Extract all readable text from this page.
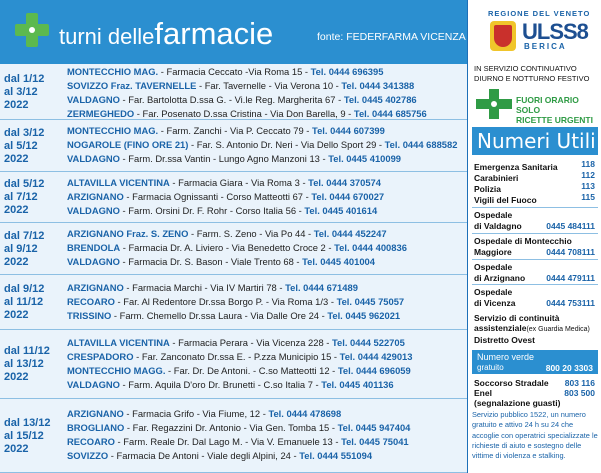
turni dellefarmacie	fonte: FEDERFARMA VICENZA
dal 1/12
al 3/12
2022
MONTECCHIO MAG. - Farmacia Ceccato -Via Roma 15 - Tel. 0444 696395
SOVIZZO Fraz. TAVERNELLE - Far. Tavernelle - Via Verona 10 - Tel. 0444 341388
VALDAGNO - Far. Bartolotta D.ssa G. - Vi.le Reg. Margherita 67 - Tel. 0445 402786
ZERMEGHEDO - Far. Posenato D.ssa Cristina - Via Don Barella, 9 - Tel. 0444 685756
dal 3/12
al 5/12
2022
MONTECCHIO MAG. - Farm. Zanchi - Via P. Ceccato 79 - Tel. 0444 607399
NOGAROLE (FINO ORE 21) - Far. S. Antonio Dr. Neri - Via Dello Sport 29 - Tel. 0444 688582
VALDAGNO - Farm. Dr.ssa Vantin - Lungo Agno Manzoni 13 - Tel. 0445 410099
dal 5/12
al 7/12
2022
ALTAVILLA VICENTINA - Farmacia Giara - Via Roma 3 - Tel. 0444 370574
ARZIGNANO - Farmacia Ognissanti - Corso Matteotti 67 - Tel. 0444 670027
VALDAGNO - Farm. Orsini Dr. F. Rohr - Corso Italia 56 - Tel. 0445 401614
dal 7/12
al 9/12
2022
ARZIGNANO Fraz. S. ZENO - Farm. S. Zeno - Via Po 44 - Tel. 0444 452247
BRENDOLA - Farmacia Dr. A. Liviero - Via Benedetto Croce 2 - Tel. 0444 400836
VALDAGNO - Farmacia Dr. S. Bason - Viale Trento 68 - Tel. 0445 401004
dal 9/12
al 11/12
2022
ARZIGNANO - Farmacia Marchi - Via IV Martiri 78 - Tel. 0444 671489
RECOARO - Far. Al Redentore Dr.ssa Borgo P. - Via Roma 1/3 - Tel. 0445 75057
TRISSINO - Farm. Chemello Dr.ssa Laura - Via Dalle Ore 24 - Tel. 0445 962021
dal 11/12
al 13/12
2022
ALTAVILLA VICENTINA - Farmacia Perara - Via Vicenza 228 - Tel. 0444 522705
CRESPADORO - Far. Zanconato Dr.ssa E. - P.zza Municipio 15 - Tel. 0444 429013
MONTECCHIO MAGG. - Far. Dr. De Antoni. - C.so Matteotti 12 - Tel. 0444 696059
VALDAGNO - Farm. Aquila D'oro Dr. Brunetti - C.so Italia 7 - Tel. 0445 401136
dal 13/12
al 15/12
2022
ARZIGNANO - Farmacia Grifo - Via Fiume, 12 - Tel. 0444 478698
BROGLIANO - Far. Regazzini Dr. Antonio - Via Gen. Tomba 15 - Tel. 0445 947404
RECOARO - Farm. Reale Dr. Dal Lago M. - Via V. Emanuele 13 - Tel. 0445 75041
SOVIZZO - Farmacia De Antoni - Viale degli Alpini, 24 - Tel. 0444 551094
REGIONE DEL VENETO
ULSS8
BERICA
IN SERVIZIO CONTINUATIVO
DIURNO E NOTTURNO FESTIVO
FUORI ORARIO SOLO
RICETTE URGENTI
Numeri Utili
Emergenza Sanitaria	118
Carabinieri	112
Polizia	113
Vigili del Fuoco	115
Ospedale
di Valdagno	0445 484111
Ospedale di Montecchio
Maggiore	0444 708111
Ospedale
di Arzignano 0444 479111
Ospedale
di Vicenza	0444 753111
Servizio di continuità
assistenziale(ex Guardia Medica)
Distretto Ovest
Numero verde
gratuito	800 20 3303
Soccorso Stradale 803 116
Enel	803 500
(segnalazione guasti)
Servizio pubblico 1522, un numero gratuito e attivo 24 h su 24 che accoglie con operatrici specializzate le richieste di aiuto e sostegno delle vittime di violenza e stalking.
